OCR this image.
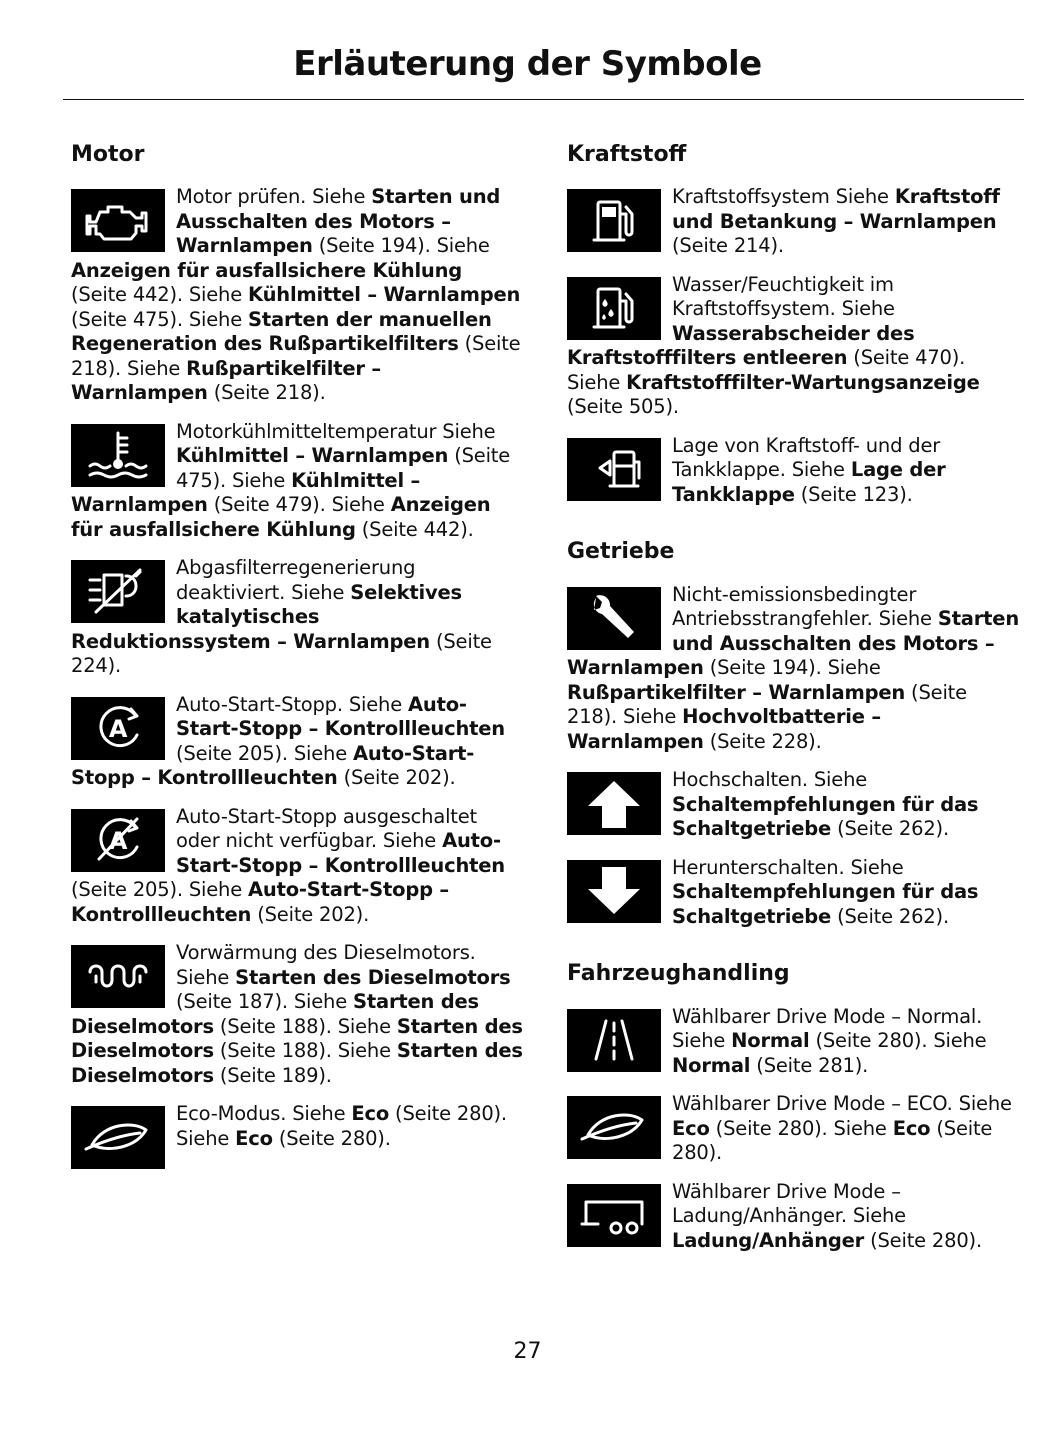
Erläuterung der Symbole
Motor
Motor prüfen. Siehe Starten und Ausschalten des Motors – Warnlampen (Seite 194). Siehe Anzeigen für ausfallsichere Kühlung (Seite 442). Siehe Kühlmittel – Warnlampen (Seite 475). Siehe Starten der manuellen Regeneration des Rußpartikelfilters (Seite 218). Siehe Rußpartikelfilter – Warnlampen (Seite 218).
Motorkühlmitteltemperatur Siehe Kühlmittel – Warnlampen (Seite 475). Siehe Kühlmittel – Warnlampen (Seite 479). Siehe Anzeigen für ausfallsichere Kühlung (Seite 442).
Abgasfilterregenerierung deaktiviert. Siehe Selektives katalytisches Reduktionssystem – Warnlampen (Seite 224).
A
Auto-Start-Stopp. Siehe Auto-Start-Stopp – Kontrollleuchten (Seite 205). Siehe Auto-Start-Stopp – Kontrollleuchten (Seite 202).
A
Auto-Start-Stopp ausgeschaltet oder nicht verfügbar. Siehe Auto-Start-Stopp – Kontrollleuchten (Seite 205). Siehe Auto-Start-Stopp – Kontrollleuchten (Seite 202).
Vorwärmung des Dieselmotors. Siehe Starten des Dieselmotors (Seite 187). Siehe Starten des Dieselmotors (Seite 188). Siehe Starten des Dieselmotors (Seite 188). Siehe Starten des Dieselmotors (Seite 189).
Eco-Modus. Siehe Eco (Seite 280). Siehe Eco (Seite 280).
Kraftstoff
Kraftstoffsystem Siehe Kraftstoff und Betankung – Warnlampen (Seite 214).
Wasser/Feuchtigkeit im Kraftstoffsystem. Siehe Wasserabscheider des Kraftstofffilters entleeren (Seite 470). Siehe Kraftstofffilter-Wartungsanzeige (Seite 505).
Lage von Kraftstoff- und der Tankklappe. Siehe Lage der Tankklappe (Seite 123).
Getriebe
Nicht-emissionsbedingter Antriebsstrangfehler. Siehe Starten und Ausschalten des Motors – Warnlampen (Seite 194). Siehe Rußpartikelfilter – Warnlampen (Seite 218). Siehe Hochvoltbatterie – Warnlampen (Seite 228).
Hochschalten. Siehe Schaltempfehlungen für das Schaltgetriebe (Seite 262).
Herunterschalten. Siehe Schaltempfehlungen für das Schaltgetriebe (Seite 262).
Fahrzeughandling
Wählbarer Drive Mode – Normal. Siehe Normal (Seite 280). Siehe Normal (Seite 281).
Wählbarer Drive Mode – ECO. Siehe Eco (Seite 280). Siehe Eco (Seite 280).
Wählbarer Drive Mode – Ladung/Anhänger. Siehe Ladung/Anhänger (Seite 280).
27
